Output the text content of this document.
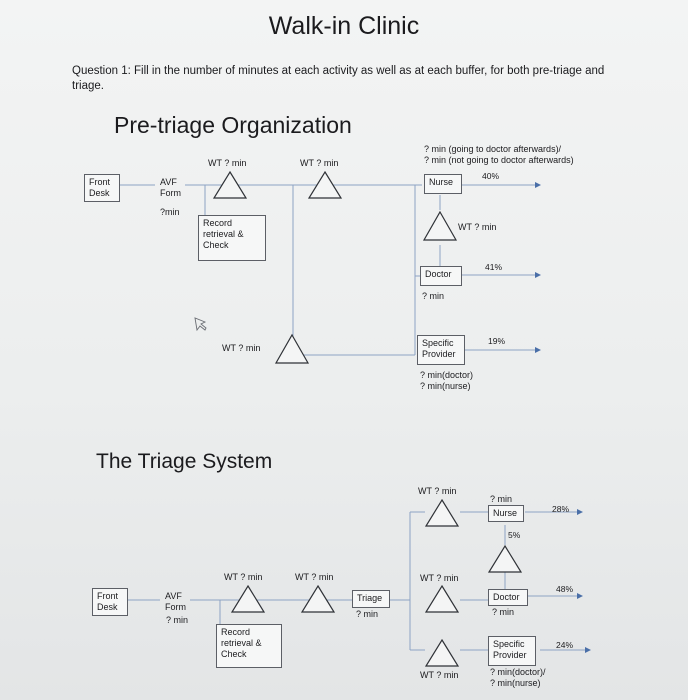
Walk-in Clinic
Question 1: Fill in the number of minutes at each activity as well as at each buffer, for both pre-triage and triage.
Pre-triage Organization
Front
Desk
AVF
Form
?min
WT ? min	WT ? min
Record
retrieval &
Check
? min (going to doctor afterwards)/
? min (not going to doctor afterwards)
Nurse
40%
WT ? min
Doctor
? min
41%
WT ? min	Specific
Provider
? min(doctor)
? min(nurse)
19%
The Triage System
Front
Desk
AVF
Form
? min
WT ? min	WT ? min
Triage
? min
Record
retrieval &
Check
WT ? min
? min
Nurse	28%
5%
WT ? min
Doctor
? min
48%
Specific
Provider
? min(doctor)/
? min(nurse)
24%
WT ? min
